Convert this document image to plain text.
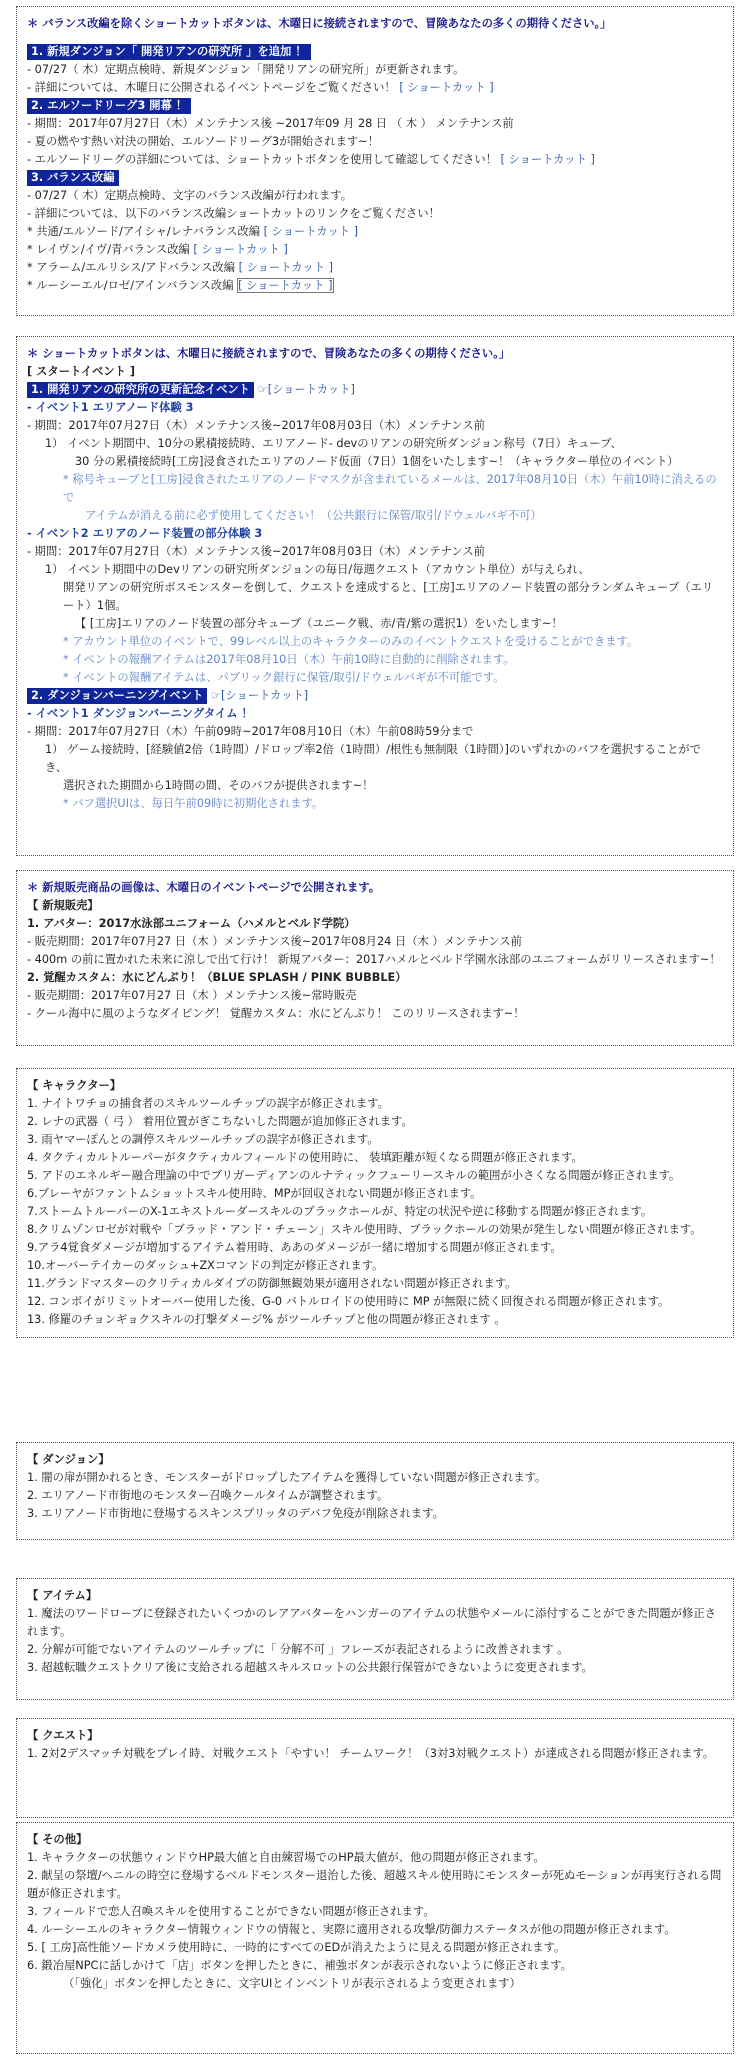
＊ バランス改編を除くショートカットボタンは、木曜日に接続されますので、冒険あなたの多くの期待ください。」
1. 新規ダンジョン「 開発リアンの研究所 」を追加 ！
- 07/27（ 木）定期点検時、新規ダンジョン「開発リアンの研究所」が更新されます。
- 詳細については、木曜日に公開されるイベントページをご覧ください！ [ ショートカット ]
2. エルソードリーグ3 開幕 ！
- 期間：2017年07月27日（木）メンテナンス後 ~2017年09 月 28 日 （ 木 ） メンテナンス前
- 夏の燃やす熱い対決の開始、エルソードリーグ3が開始されます~！
- エルソードリーグの詳細については、ショートカットボタンを使用して確認してください！ [ ショートカット ]
3. バランス改編
- 07/27（ 木）定期点検時、文字のバランス改編が行われます。
- 詳細については、以下のバランス改編ショートカットのリンクをご覧ください！
* 共通/エルソード/アイシャ/レナバランス改編 [ ショートカット ]
* レイヴン/イヴ/青バランス改編 [ ショートカット ]
* アラーム/エルリシス/アドバランス改編 [ ショートカット ]
* ルーシーエル/ロゼ/アインバランス改編 [ ショートカット ]
＊ ショートカットボタンは、木曜日に接続されますので、冒険あなたの多くの期待ください。」
[ スタートイベント ]
1. 開発リアンの研究所の更新記念イベント ☞[ショートカット]
- イベント1 エリアノード体験 3
- 期間：2017年07月27日（木）メンテナンス後~2017年08月03日（木）メンテナンス前
1） イベント期間中、10分の累積接続時、エリアノード- devのリアンの研究所ダンジョン称号（7日）キューブ、
30 分の累積接続時[工房]浸食されたエリアのノード仮面（7日）1個をいたします~！（キャラクター単位のイベント）
* 称号キューブと[工房]浸食されたエリアのノードマスクが含まれているメールは、2017年08月10日（木）午前10時に消えるので
アイテムが消える前に必ず使用してください！（公共銀行に保管/取引/ドウェルバギ不可）
- イベント2 エリアのノード装置の部分体験 3
- 期間：2017年07月27日（木）メンテナンス後~2017年08月03日（木）メンテナンス前
1） イベント期間中のDevリアンの研究所ダンジョンの毎日/毎週クエスト（アカウント単位）が与えられ、
開発リアンの研究所ボスモンスターを倒して、クエストを達成すると、[工房]エリアのノード装置の部分ランダムキューブ（エリート）1個。
【 [工房]エリアのノード装置の部分キューブ（ユニーク戦、赤/青/紫の選択1）をいたします~！
* アカウント単位のイベントで、99レベル以上のキャラクターのみのイベントクエストを受けることができます。
* イベントの報酬アイテムは2017年08月10日（木）午前10時に自動的に削除されます。
* イベントの報酬アイテムは、パブリック銀行に保管/取引/ドウェルバギが不可能です。
2. ダンジョンバーニングイベント ☞[ショートカット]
- イベント1 ダンジョンバーニングタイム ！
- 期間：2017年07月27日（木）午前09時~2017年08月10日（木）午前08時59分まで
1） ゲーム接続時、[経験値2倍（1時間）/ドロップ率2倍（1時間）/根性も無制限（1時間）]のいずれかのバフを選択することができ、
選択された期間から1時間の間、そのバフが提供されます~！
* バフ選択UIは、毎日午前09時に初期化されます。
＊ 新規販売商品の画像は、木曜日のイベントページで公開されます。
【 新規販売】
1. アバター：2017水泳部ユニフォーム（ハメルとベルド学院）
- 販売期間：2017年07月27 日（木 ）メンテナンス後~2017年08月24 日（木 ）メンテナンス前
- 400m の前に置かれた未来に涼しで出て行け！ 新規アバター：2017ハメルとベルド学園水泳部のユニフォームがリリースされます~！
2. 覚醒カスタム：水にどんぶり！（BLUE SPLASH / PINK BUBBLE）
- 販売期間：2017年07月27 日（木 ）メンテナンス後~常時販売
- クール海中に風のようなダイビング！ 覚醒カスタム：水にどんぶり！ このリリースされます~！
【 キャラクター】
1. ナイトワチョの捕食者のスキルツールチップの誤字が修正されます。
2. レナの武器（ 弓 ） 着用位置がぎこちないした問題が追加修正されます。
3. 雨ヤマーぽんとの調停スキルツールチップの誤字が修正されます。
4. タクティカルトルーパーがタクティカルフィールドの使用時に、 装填距離が短くなる問題が修正されます。
5. アドのエネルギー融合理論の中でブリガーディアンのルナティックフューリースキルの範囲が小さくなる問題が修正されます。
6.ブレーヤがファントムショットスキル使用時、MPが回収されない問題が修正されます。
7.ストームトルーパーのX-1エキストルーダースキルのブラックホールが、特定の状況や逆に移動する問題が修正されます。
8.クリムゾンロゼが対戦や「ブラッド・アンド・チェーン」スキル使用時、ブラックホールの効果が発生しない問題が修正されます。
9.アラ4覚食ダメージが増加するアイテム着用時、ああのダメージが一緒に増加する問題が修正されます。
10.オーバーテイカーのダッシュ+ZXコマンドの判定が修正されます。
11.グランドマスターのクリティカルダイブの防御無観効果が適用されない問題が修正されます。
12. コンボイがリミットオーバー使用した後、G-0 バトルロイドの使用時に MP が無限に続く回復される問題が修正されます。
13. 修羅のチョンギョクスキルの打撃ダメージ% がツールチップと他の問題が修正されます 。
【 ダンジョン】
1. 闇の扉が開かれるとき、モンスターがドロップしたアイテムを獲得していない問題が修正されます。
2. エリアノード市街地のモンスター召喚クールタイムが調整されます。
3. エリアノード市街地に登場するスキンスプリッタのデバフ免疫が削除されます。
【 アイテム】
1. 魔法のワードローブに登録されたいくつかのレアアバターをハンガーのアイテムの状態やメールに添付することができた問題が修正されます。
2. 分解が可能でないアイテムのツールチップに「 分解不可 」フレーズが表記されるように改善されます 。
3. 超越転職クエストクリア後に支給される超越スキルスロットの公共銀行保管ができないように変更されます。
【 クエスト】
1. 2対2デスマッチ対戦をプレイ時、対戦クエスト「やすい！ チームワーク！（3対3対戦クエスト）が達成される問題が修正されます。
【 その他】
1. キャラクターの状態ウィンドウHP最大値と自由練習場でのHP最大値が、他の問題が修正されます。
2. 献呈の祭壇/ヘニルの時空に登場するベルドモンスター退治した後、超越スキル使用時にモンスターが死ぬモーションが再実行される問題が修正されます。
3. フィールドで恋人召喚スキルを使用することができない問題が修正されます。
4. ルーシーエルのキャラクター情報ウィンドウの情報と、実際に適用される攻撃/防御力ステータスが他の問題が修正されます。
5. [ 工房]高性能ソードカメラ使用時に、一時的にすべてのEDが消えたように見える問題が修正されます。
6. 鍛冶屋NPCに話しかけて「店」ボタンを押したときに、補強ボタンが表示されないように修正されます。
（「強化」ボタンを押したときに、文字UIとインベントリが表示されるよう変更されます）
